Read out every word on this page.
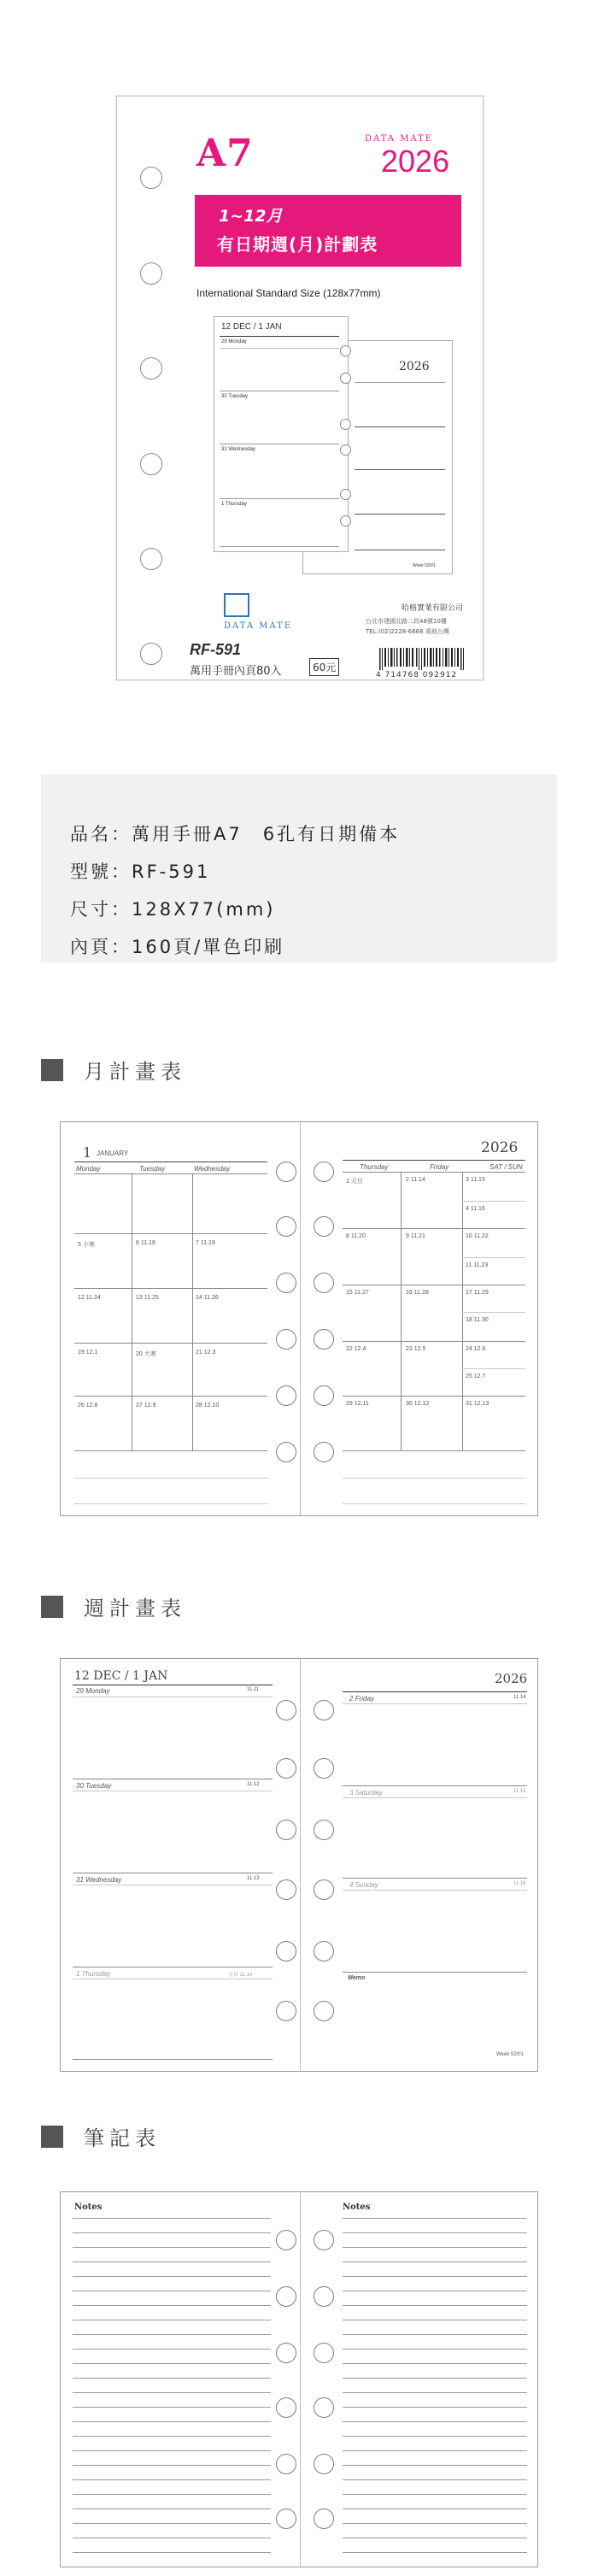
A7	DATA MATE
2026
1~12月
有日期週(月)計劃表
International Standard Size (128x77mm)
2026
Week 52/01
12 DEC / 1 JAN
29 Monday
30 Tuesday
31 Wednesday
1 Thursday
DATA MATE
哈格實業有限公司
台北市建國北路二段48號10樓
TEL:(02)2228-6868 遠地台灣
RF-591
萬用手冊內頁80入	60元
4 714768 092912
品名：萬用手冊A7　6孔有日期備本
型號：RF-591
尺寸：128X77(mm)
內頁：160頁/單色印刷
月計畫表
1 JANUARY
Monday	Tuesday	Wednesday
5 小寒	6 11.18	7 11.19
12 11.24	13 11.25	14 11.26
19 12.1	20 大寒	21 12.3
26 12.8	27 12.9	28 12.10
2026
Thursday	Friday	SAT / SUN
1 元旦	2 11.14	3 11.15
4 11.16
8 11.20	9 11.21	10 11.22
11 11.23
15 11.27	16 11.28	17 11.29
18 11.30
22 12.4	23 12.5	24 12.6
25 12.7
29 12.11	30 12.12	31 12.13
週計畫表
12 DEC / 1 JAN
29 Monday	11.11
30 Tuesday	11.12
31 Wednesday	11.13
1 Thursday	元旦 11.14
2026
2 Friday	11.14
3 Saturday	11.15
4 Sunday	11.16
Memo
Week 52/01
筆記表
Notes	Notes
